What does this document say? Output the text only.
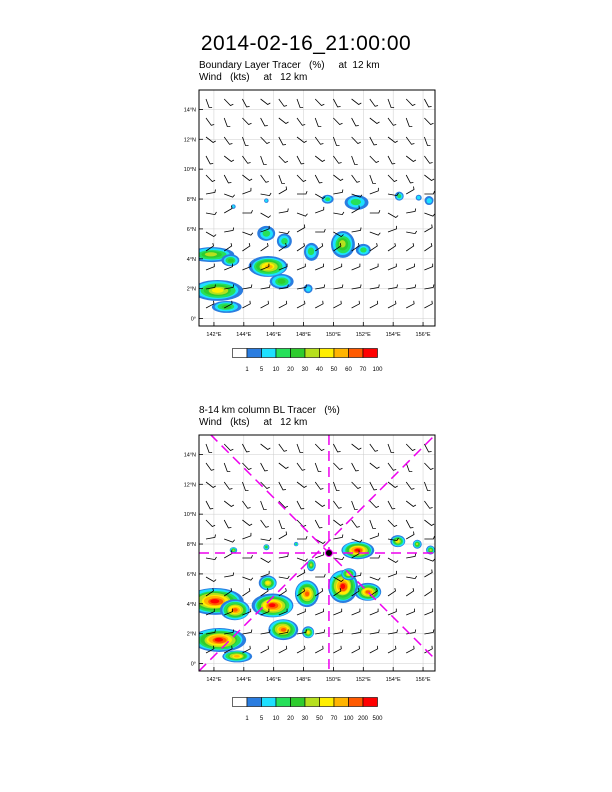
2014-02-16_21:00:00
Boundary Layer Tracer   (%)     at  12 km
Wind   (kts)     at   12 km
142°E	144°E	146°E	148°E	150°E	152°E	154°E	156°E
0°
2°N
4°N
6°N
8°N
10°N
12°N
14°N
1 5 10 20 30 40 50 60 70 100
8-14 km column BL Tracer   (%)
Wind   (kts)     at   12 km
142°E	144°E	146°E	148°E	150°E	152°E	154°E	156°E
0°
2°N
4°N
6°N
8°N
10°N
12°N
14°N
1 5 10 20 30 50 70 100 200 500
